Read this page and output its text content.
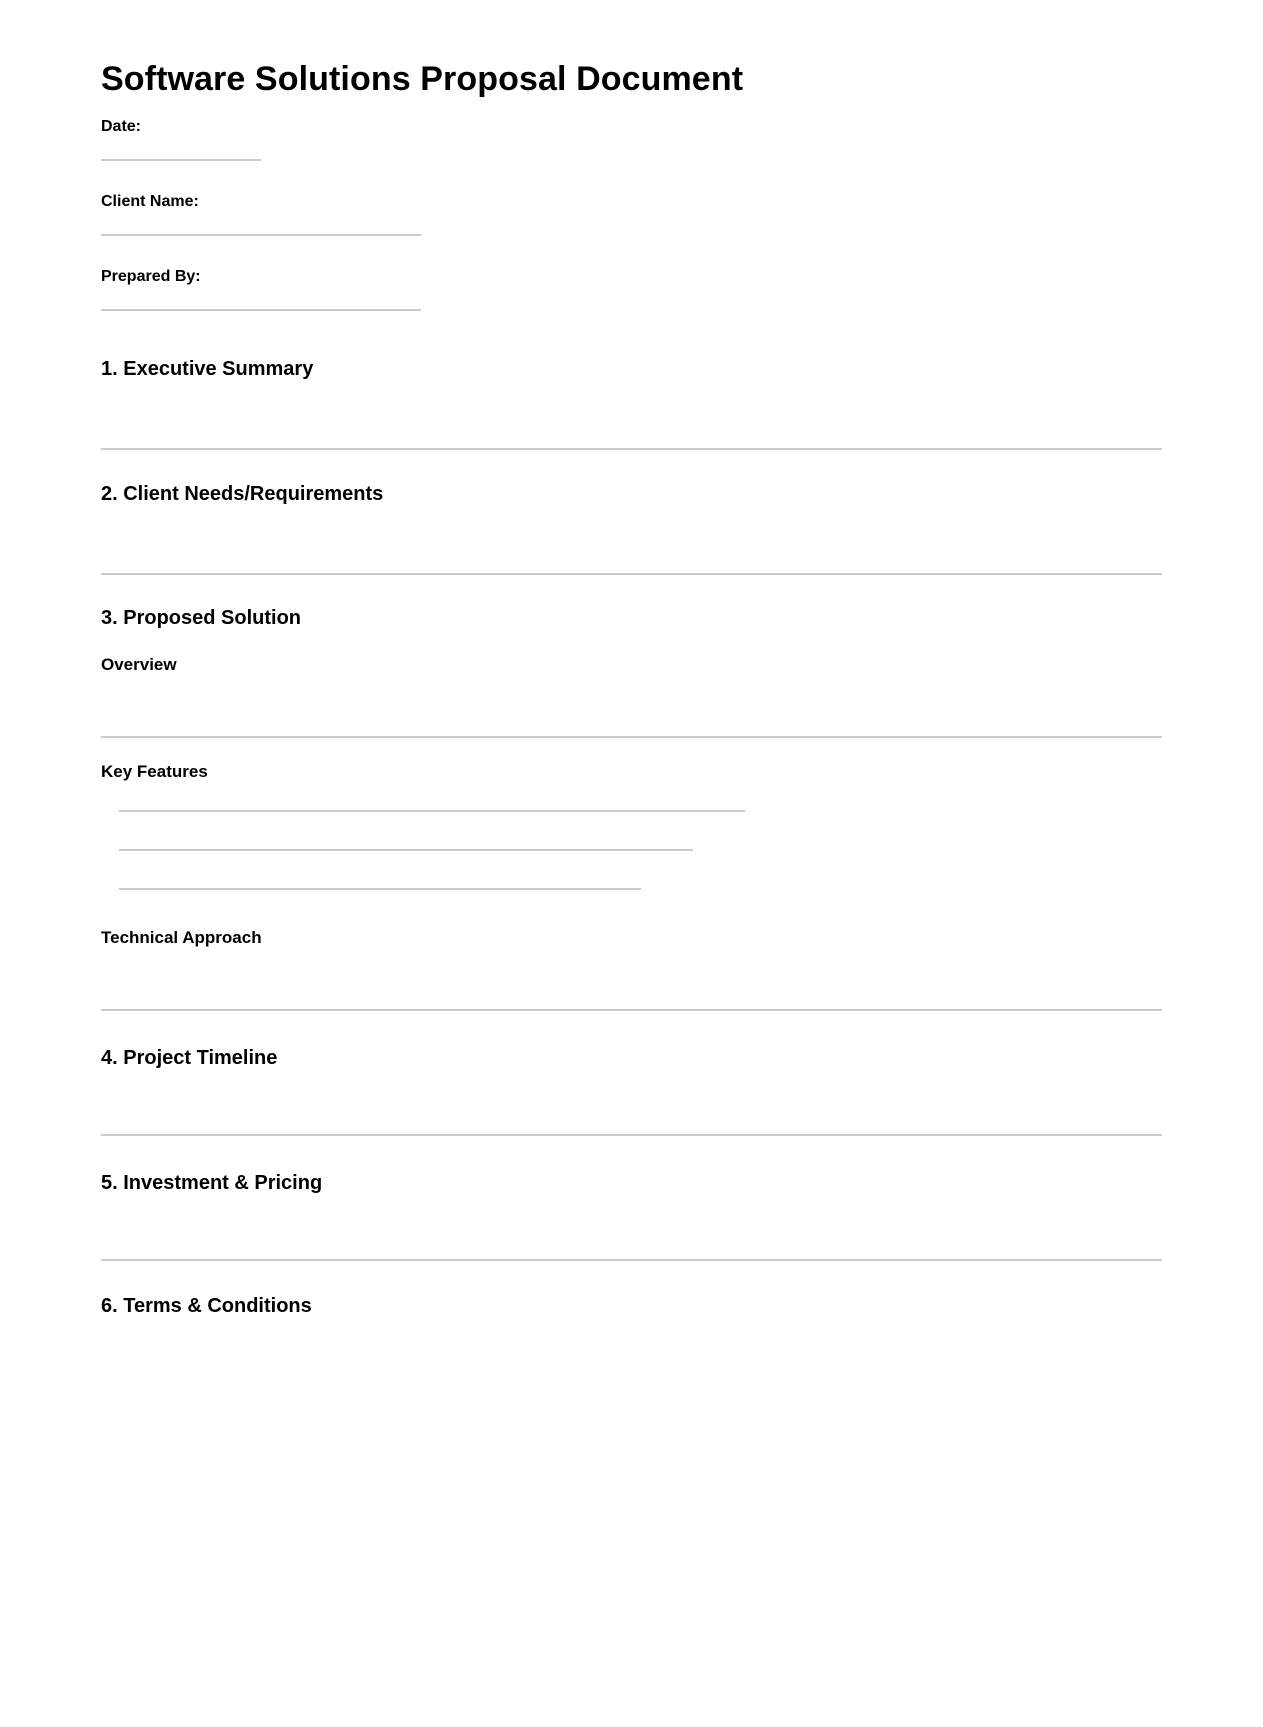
Software Solutions Proposal Document
Date:
Client Name:
Prepared By:
1. Executive Summary
2. Client Needs/Requirements
3. Proposed Solution
Overview
Key Features
Technical Approach
4. Project Timeline
5. Investment & Pricing
6. Terms & Conditions
